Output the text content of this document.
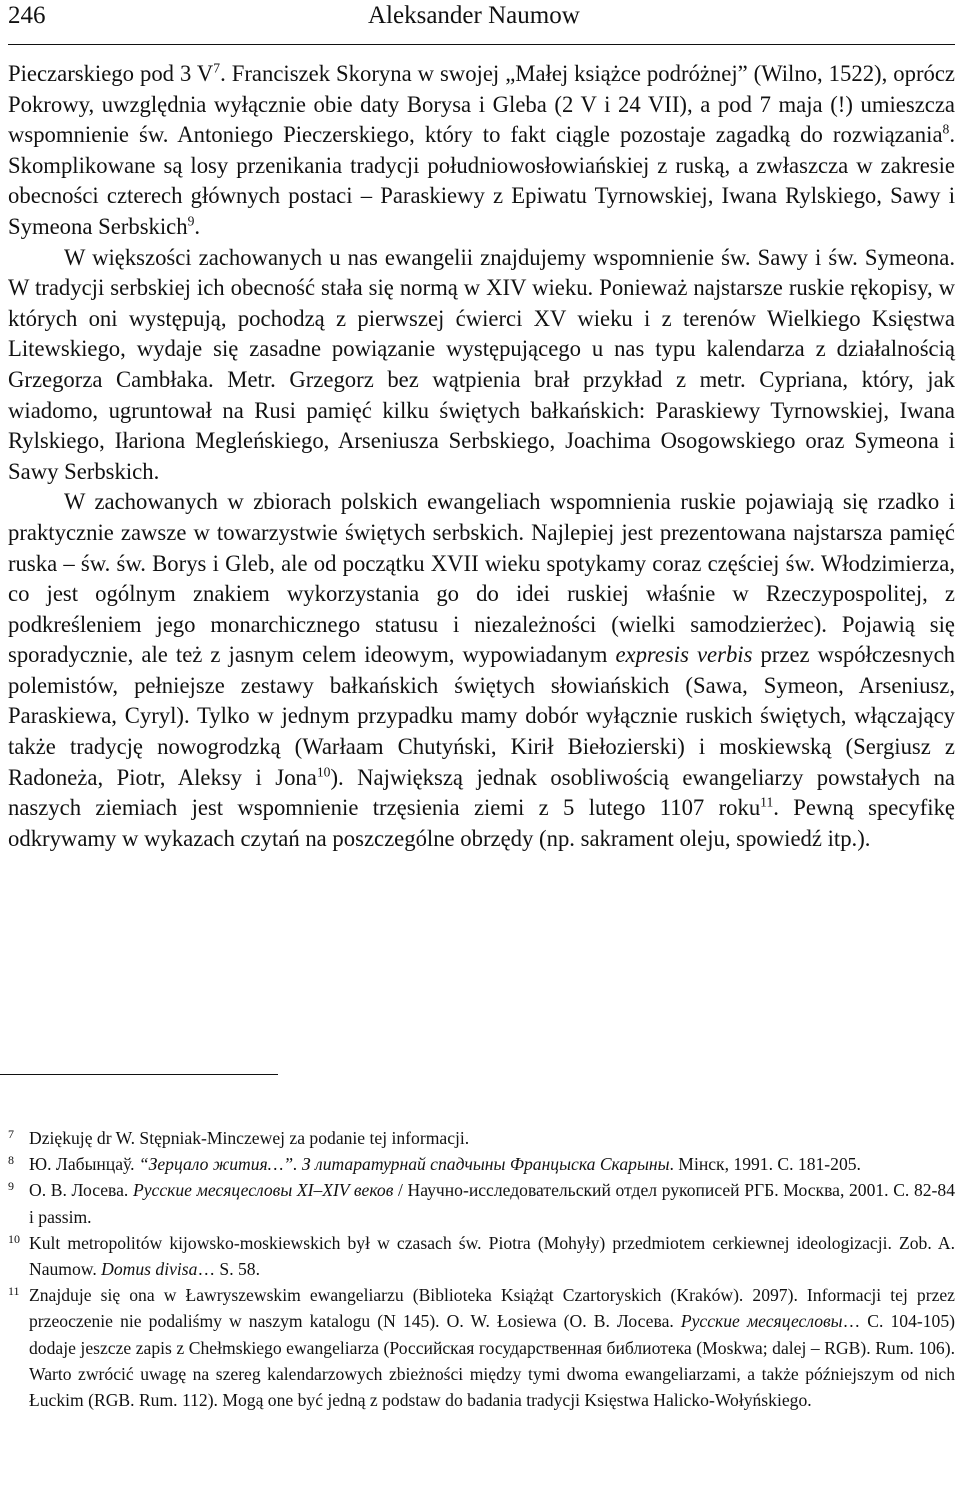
246	Aleksander Naumow

Pieczarskiego pod 3 $V^7$. Franciszek Skoryna w swojej „Małej książce podróżnej” (Wilno, 1522), oprócz Pokrowy, uwzględnia wyłącznie obie daty Borysa i Gleba (2 V i 24 VII), a pod 7 maja (!) umieszcza wspomnienie św. Antoniego Pieczerskiego, który to fakt ciągle pozostaje zagadką do rozwiązania$^8$. Skomplikowane są losy przenikania tradycji południowosłowiańskiej z ruską, a zwłaszcza w zakresie obecności czterech głównych postaci – Paraskiewy z Epiwatu Tyrnowskiej, Iwana Rylskiego, Sawy i Symeona Serbskich$^9$.

W większości zachowanych u nas ewangelii znajdujemy wspomnienie św. Sawy i św. Symeona. W tradycji serbskiej ich obecność stała się normą w XIV wieku. Ponieważ najstarsze ruskie rękopisy, w których oni występują, pochodzą z pierwszej ćwierci XV wieku i z terenów Wielkiego Księstwa Litewskiego, wydaje się zasadne powiązanie występującego u nas typu kalendarza z działalnością Grzegorza Cambłaka. Metr. Grzegorz bez wątpienia brał przykład z metr. Cypriana, który, jak wiadomo, ugruntował na Rusi pamięć kilku świętych bałkańskich: Paraskiewy Tyrnowskiej, Iwana Rylskiego, Iłariona Megleńskiego, Arseniusza Serbskiego, Joachima Osogowskiego oraz Symeona i Sawy Serbskich.

W zachowanych w zbiorach polskich ewangeliach wspomnienia ruskie pojawiają się rzadko i praktycznie zawsze w towarzystwie świętych serbskich. Najlepiej jest prezentowana najstarsza pamięć ruska – św. św. Borys i Gleb, ale od początku XVII wieku spotykamy coraz częściej św. Włodzimierza, co jest ogólnym znakiem wykorzystania go do idei ruskiej właśnie w Rzeczypospolitej, z podkreśleniem jego monarchicznego statusu i niezależności (wielki samodzierżec). Pojawią się sporadycznie, ale też z jasnym celem ideowym, wypowiadanym expresis verbis przez współczesnych polemistów, pełniejsze zestawy bałkańskich świętych słowiańskich (Sawa, Symeon, Arseniusz, Paraskiewa, Cyryl). Tylko w jednym przypadku mamy dobór wyłącznie ruskich świętych, włączający także tradycję nowogrodzką (Warłaam Chutyński, Kirił Biełozierski) i moskiewską (Sergiusz z Radoneża, Piotr, Aleksy i Jona$^{10}$). Największą jednak osobliwością ewangeliarzy powstałych na naszych ziemiach jest wspomnienie trzęsienia ziemi z 5 lutego 1107 roku$^{11}$. Pewną specyfikę odkrywamy w wykazach czytań na poszczególne obrzędy (np. sakrament oleju, spowiedź itp.).

7 Dziękuję dr W. Stępniak-Minczewej za podanie tej informacji.
8 Ю. Лабынцаў. “Зерцало жития…”. З литаратурнай спадчыны Францыска Скарыны. Мінск, 1991. С. 181-205.
9 О. В. Лосева. Русские месяцесловы XI–XIV веков / Научно-исследовательский отдел рукописей РГБ. Москва, 2001. С. 82-84 i passim.
10 Kult metropolitów kijowsko-moskiewskich był w czasach św. Piotra (Mohyły) przedmiotem cerkiewnej ideologizacji. Zob. A. Naumow. Domus divisa… S. 58.
11 Znajduje się ona w Ławryszewskim ewangeliarzu (Biblioteka Książąt Czartoryskich (Kraków). 2097). Informacji tej przez przeoczenie nie podaliśmy w naszym katalogu (N 145). O. W. Łosiewa (О. В. Лосева. Русские месяцесловы… С. 104-105) dodaje jeszcze zapis z Chełmskiego ewangeliarza (Российская государственная библиотека (Moskwa; dalej – RGB). Rum. 106). Warto zwrócić uwagę na szereg kalendarzowych zbieżności między tymi dwoma ewangeliarzami, a także późniejszym od nich Łuckim (RGB. Rum. 112). Mogą one być jedną z podstaw do badania tradycji Księstwa Halicko-Wołyńskiego.
